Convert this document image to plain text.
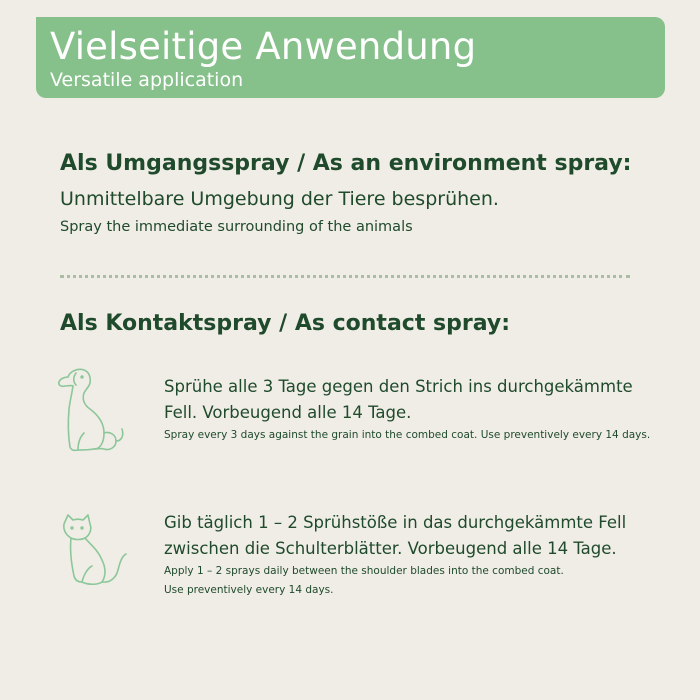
Vielseitige Anwendung
Versatile application
Als Umgangsspray / As an environment spray:
Unmittelbare Umgebung der Tiere besprühen.
Spray the immediate surrounding of the animals
Als Kontaktspray / As contact spray:

Sprühe alle 3 Tage gegen den Strich ins durchgekämmte

Fell. Vorbeugend alle 14 Tage.

Spray every 3 days against the grain into the combed coat. Use preventively every 14 days.

Gib täglich 1 – 2 Sprühstöße in das durchgekämmte Fell

zwischen die Schulterblätter. Vorbeugend alle 14 Tage.

Apply 1 – 2 sprays daily between the shoulder blades into the combed coat.

Use preventively every 14 days.
